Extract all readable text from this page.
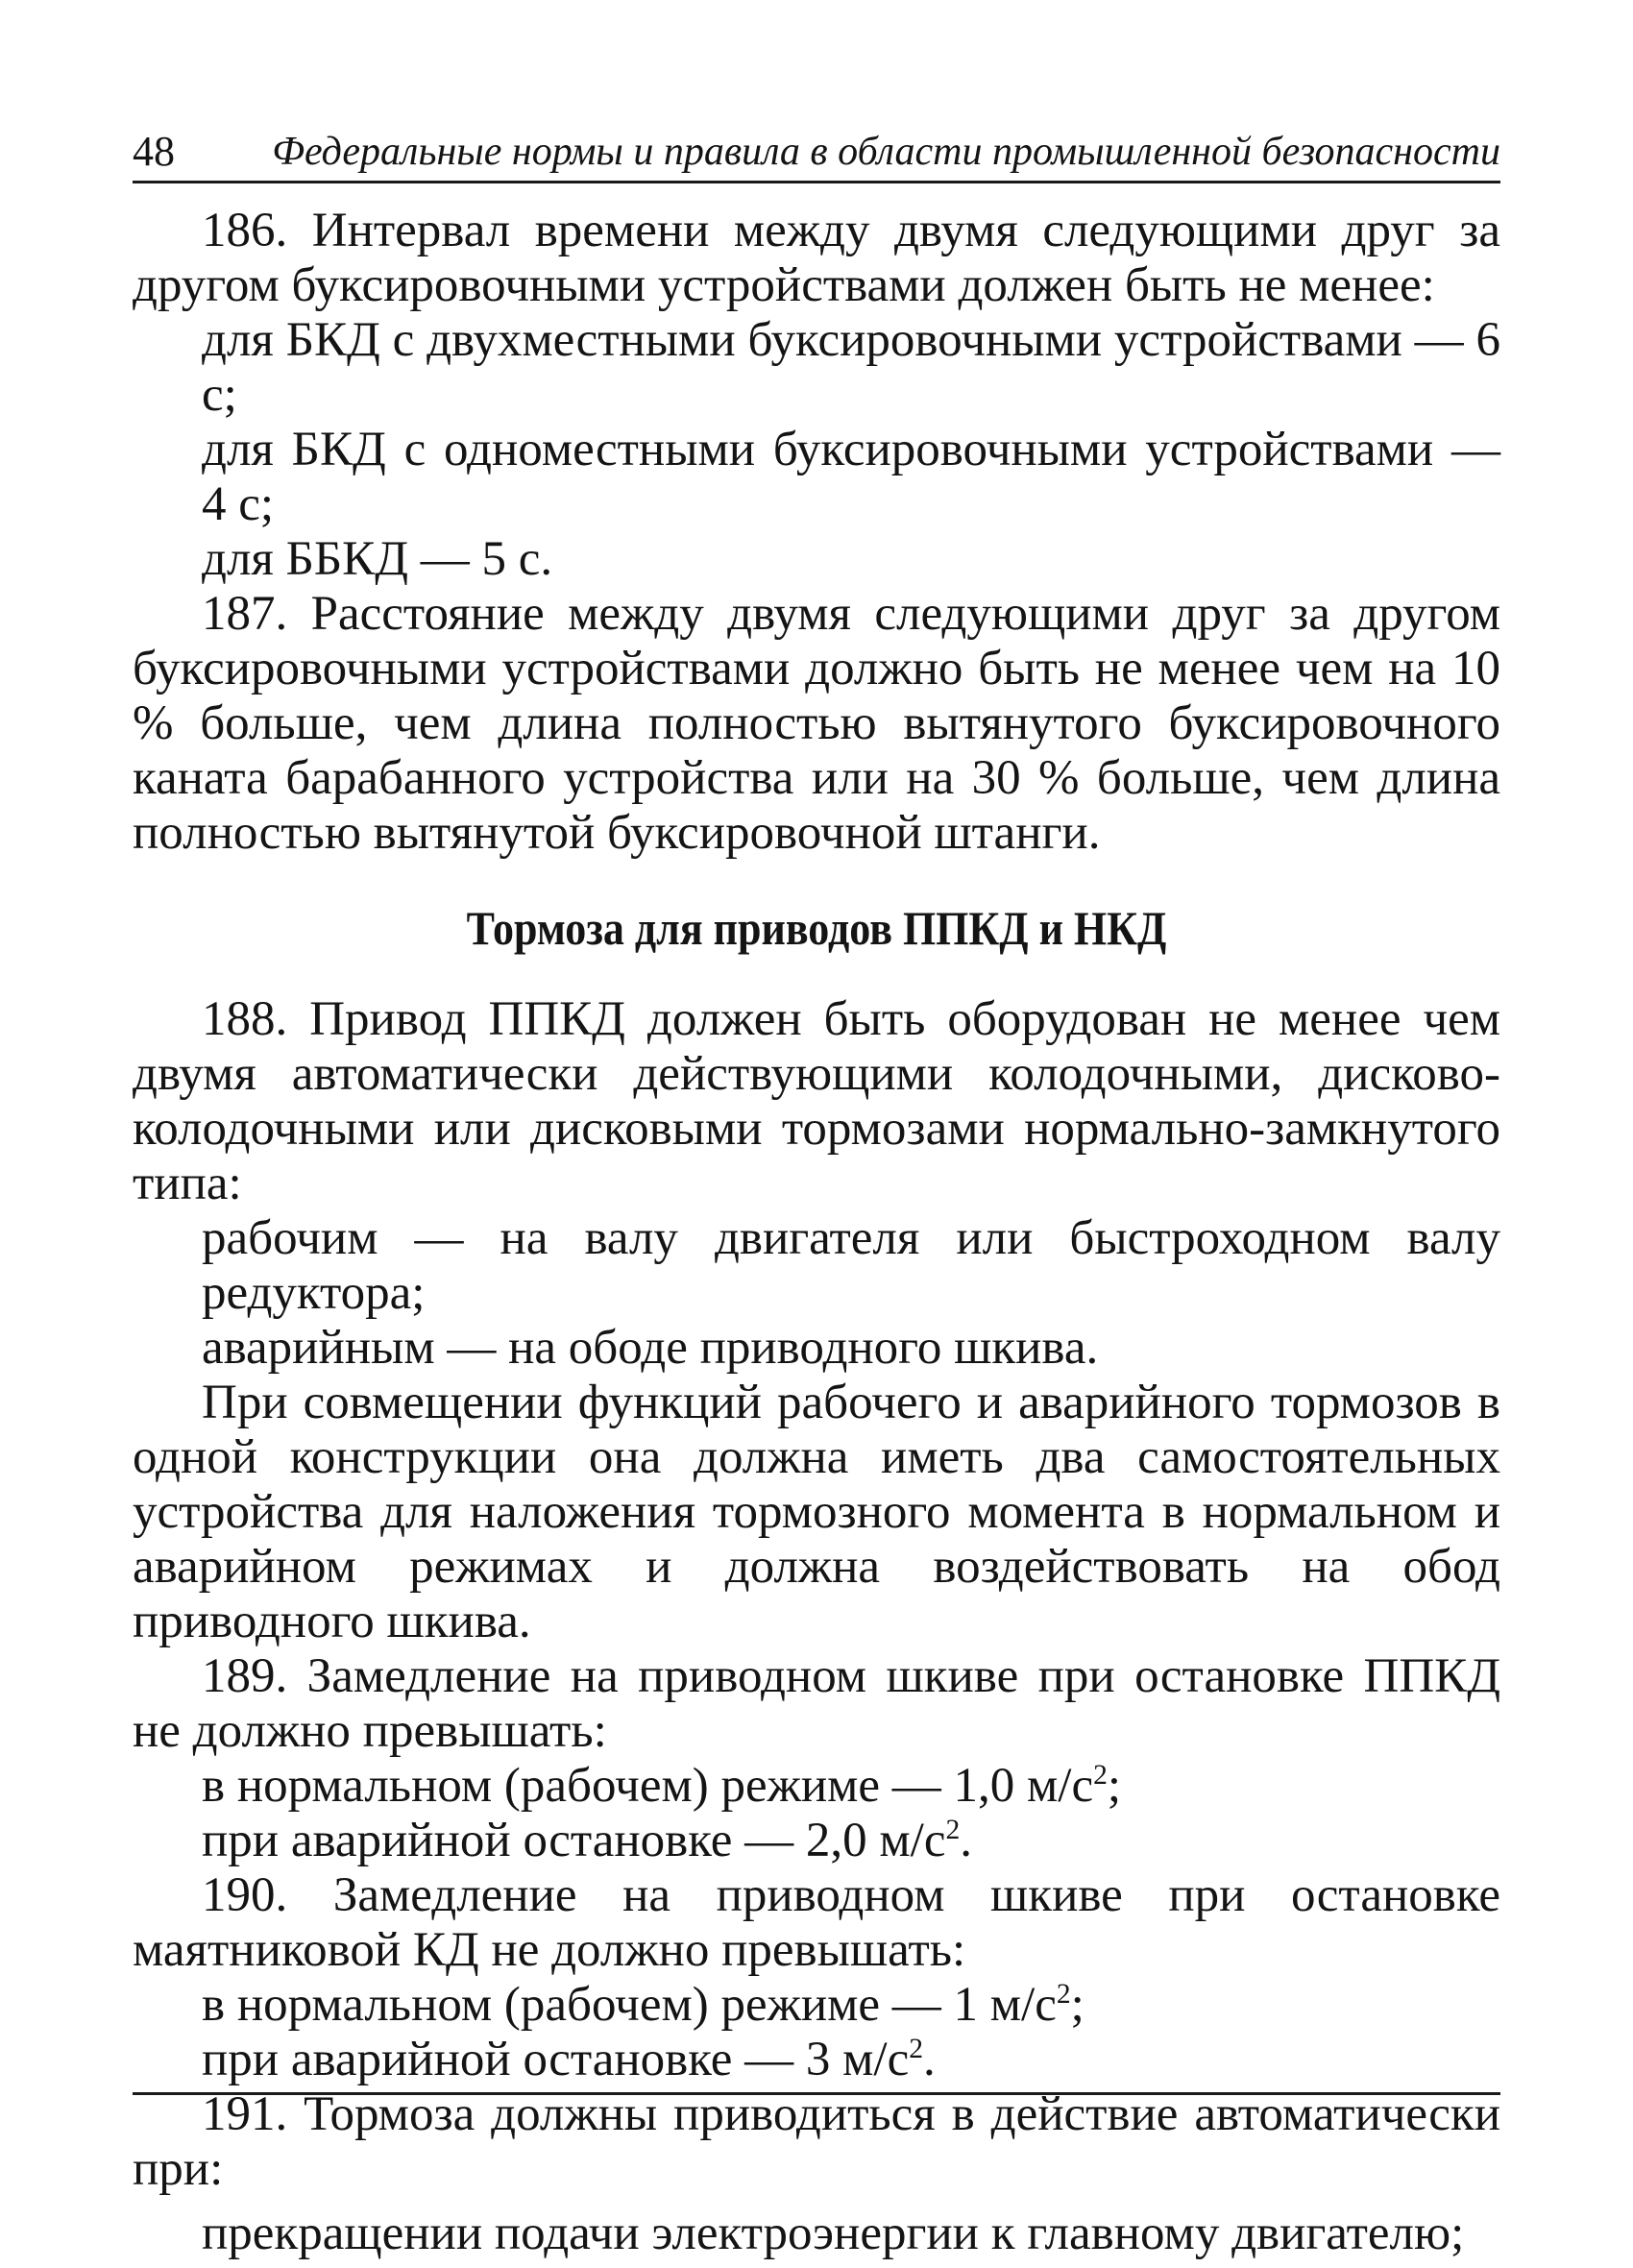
48 Федеральные нормы и правила в области промышленной безопасности

186. Интервал времени между двумя следующими друг за другом буксировочными устройствами должен быть не менее:

для БКД с двухместными буксировочными устройствами — 6 с;

для БКД с одноместными буксировочными устройствами — 4 с;

для ББКД — 5 с.

187. Расстояние между двумя следующими друг за другом буксировочными устройствами должно быть не менее чем на 10 % больше, чем длина полностью вытянутого буксировочного каната барабанного устройства или на 30 % больше, чем длина полностью вытянутой буксировочной штанги.

Тормоза для приводов ППКД и НКД

188. Привод ППКД должен быть оборудован не менее чем двумя автоматически действующими колодочными, дисково-колодочными или дисковыми тормозами нормально-замкнутого типа:

рабочим — на валу двигателя или быстроходном валу редуктора;

аварийным — на ободе приводного шкива.

При совмещении функций рабочего и аварийного тормозов в одной конструкции она должна иметь два самостоятельных устройства для наложения тормозного момента в нормальном и аварийном режимах и должна воздействовать на обод приводного шкива.

189. Замедление на приводном шкиве при остановке ППКД не должно превышать:

в нормальном (рабочем) режиме — 1,0 $м/с^2$;

при аварийной остановке — 2,0 $м/с^2$.

190. Замедление на приводном шкиве при остановке маятниковой КД не должно превышать:

в нормальном (рабочем) режиме — 1 $м/с^2$;

при аварийной остановке — 3 $м/с^2$.

191. Тормоза должны приводиться в действие автоматически при:

прекращении подачи электроэнергии к главному двигателю;
